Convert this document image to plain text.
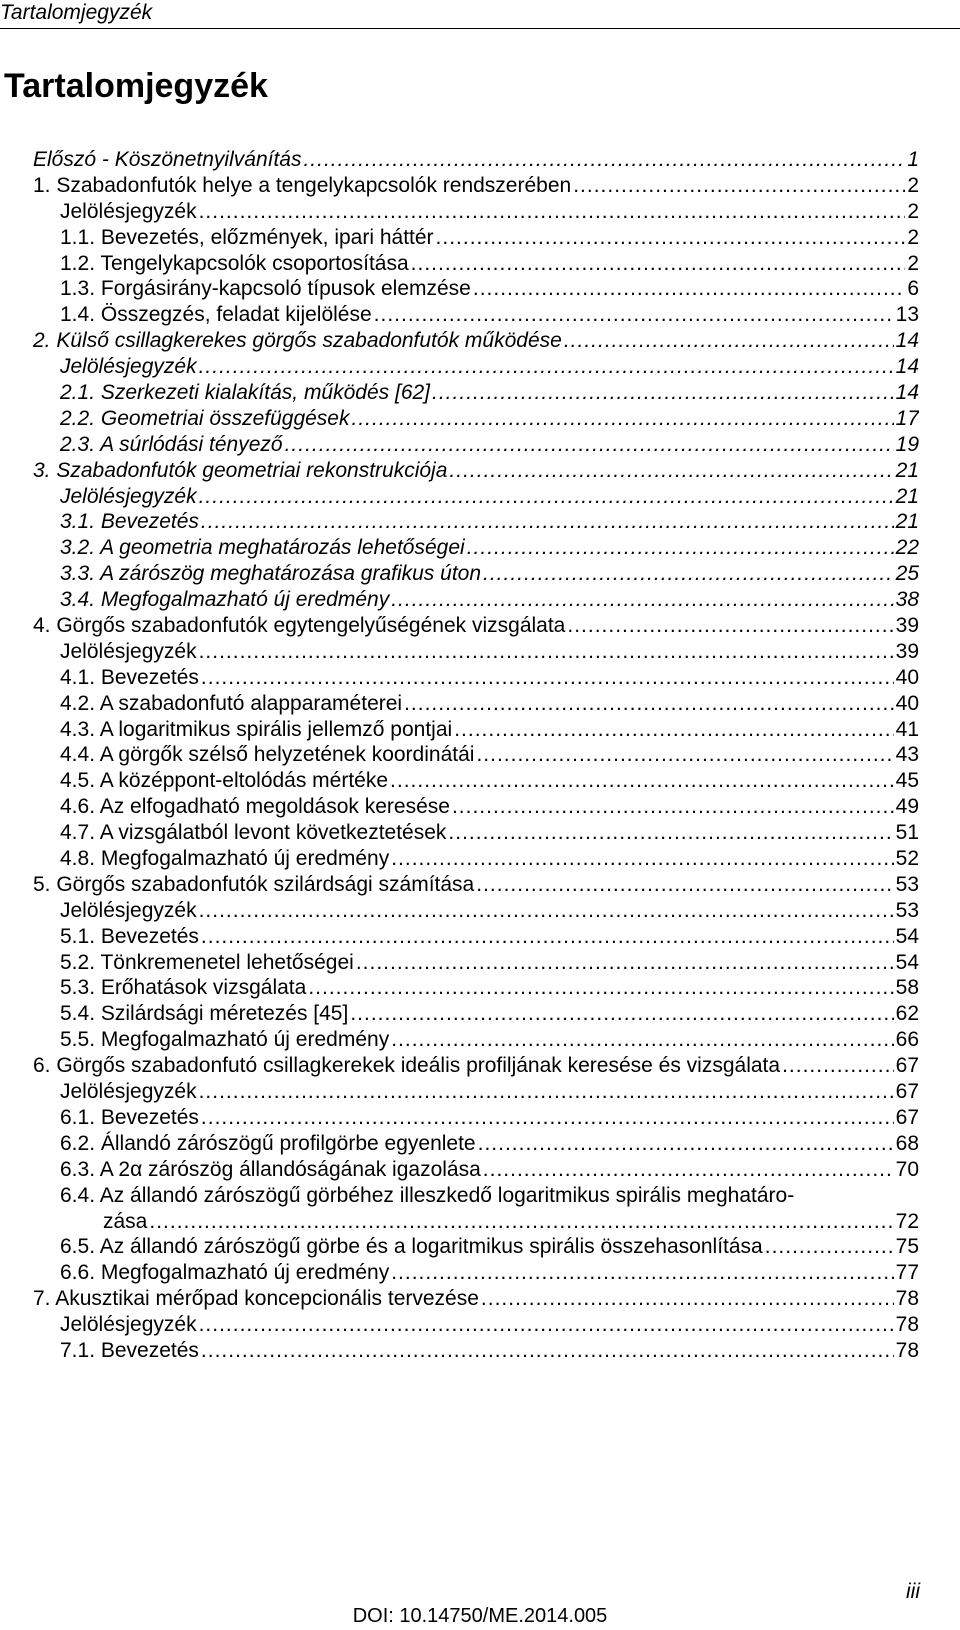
Tartalomjegyzék
Tartalomjegyzék
Előszó - Köszönetnyilvánítás .....	1
1. Szabadonfutók helye a tengelykapcsolók rendszerében .....	2
Jelölésjegyzék .....	2
1.1. Bevezetés, előzmények, ipari háttér .....	2
1.2. Tengelykapcsolók csoportosítása .....	2
1.3. Forgásirány-kapcsoló típusok elemzése .....	6
1.4. Összegzés, feladat kijelölése .....	13
2. Külső csillagkerekes görgős szabadonfutók működése .....	14
Jelölésjegyzék .....	14
2.1. Szerkezeti kialakítás, működés [62] .....	14
2.2. Geometriai összefüggések .....	17
2.3. A súrlódási tényező .....	19
3. Szabadonfutók geometriai rekonstrukciója .....	21
Jelölésjegyzék .....	21
3.1. Bevezetés .....	21
3.2. A geometria meghatározás lehetőségei .....	22
3.3. A zárószög meghatározása grafikus úton .....	25
3.4. Megfogalmazható új eredmény .....	38
4. Görgős szabadonfutók egytengelyűségének vizsgálata .....	39
Jelölésjegyzék .....	39
4.1. Bevezetés .....	40
4.2. A szabadonfutó alapparaméterei .....	40
4.3. A logaritmikus spirális jellemző pontjai .....	41
4.4. A görgők szélső helyzetének koordinátái .....	43
4.5. A középpont-eltolódás mértéke .....	45
4.6. Az elfogadható megoldások keresése .....	49
4.7. A vizsgálatból levont következtetések .....	51
4.8. Megfogalmazható új eredmény .....	52
5. Görgős szabadonfutók szilárdsági számítása .....	53
Jelölésjegyzék .....	53
5.1. Bevezetés .....	54
5.2. Tönkremenetel lehetőségei .....	54
5.3. Erőhatások vizsgálata .....	58
5.4. Szilárdsági méretezés [45] .....	62
5.5. Megfogalmazható új eredmény .....	66
6. Görgős szabadonfutó csillagkerekek ideális profiljának keresése és vizsgálata .....	67
Jelölésjegyzék .....	67
6.1. Bevezetés .....	67
6.2. Állandó zárószögű profilgörbe egyenlete .....	68
6.3. A 2α zárószög állandóságának igazolása .....	70
6.4. Az állandó zárószögű görbéhez illeszkedő logaritmikus spirális meghatáro-
zása .....	72
6.5. Az állandó zárószögű görbe és a logaritmikus spirális összehasonlítása .....	75
6.6. Megfogalmazható új eredmény .....	77
7. Akusztikai mérőpad koncepcionális tervezése .....	78
Jelölésjegyzék .....	78
7.1. Bevezetés .....	78
iii
DOI: 10.14750/ME.2014.005
